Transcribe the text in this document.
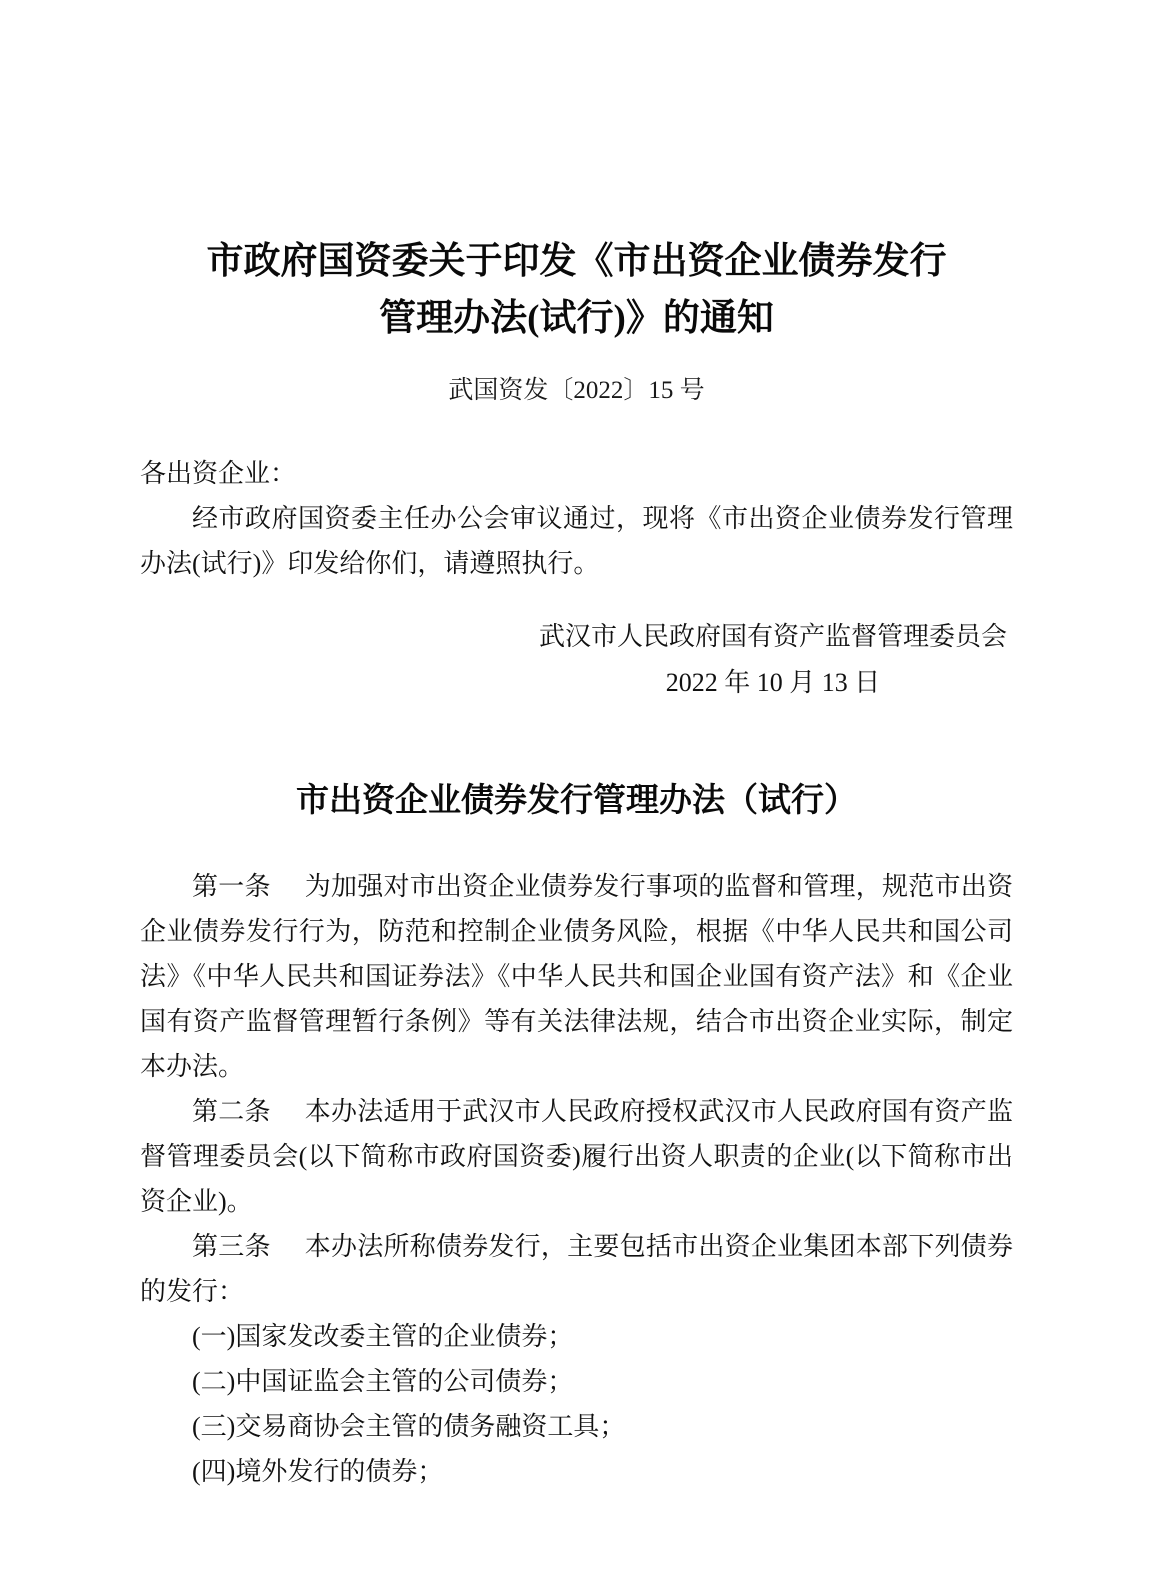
市政府国资委关于印发《市出资企业债券发行
管理办法(试行)》的通知
武国资发〔2022〕15 号
各出资企业：

经市政府国资委主任办公会审议通过，现将《市出资企业债券发行管理办法(试行)》印发给你们，请遵照执行。

武汉市人民政府国有资产监督管理委员会
2022 年 10 月 13 日
市出资企业债券发行管理办法（试行）

第一条 为加强对市出资企业债券发行事项的监督和管理，规范市出资企业债券发行行为，防范和控制企业债务风险，根据《中华人民共和国公司法》《中华人民共和国证券法》《中华人民共和国企业国有资产法》和《企业国有资产监督管理暂行条例》等有关法律法规，结合市出资企业实际，制定本办法。

第二条 本办法适用于武汉市人民政府授权武汉市人民政府国有资产监督管理委员会(以下简称市政府国资委)履行出资人职责的企业(以下简称市出资企业)。

第三条 本办法所称债券发行，主要包括市出资企业集团本部下列债券的发行：

(一)国家发改委主管的企业债券；

(二)中国证监会主管的公司债券；

(三)交易商协会主管的债务融资工具；

(四)境外发行的债券；
